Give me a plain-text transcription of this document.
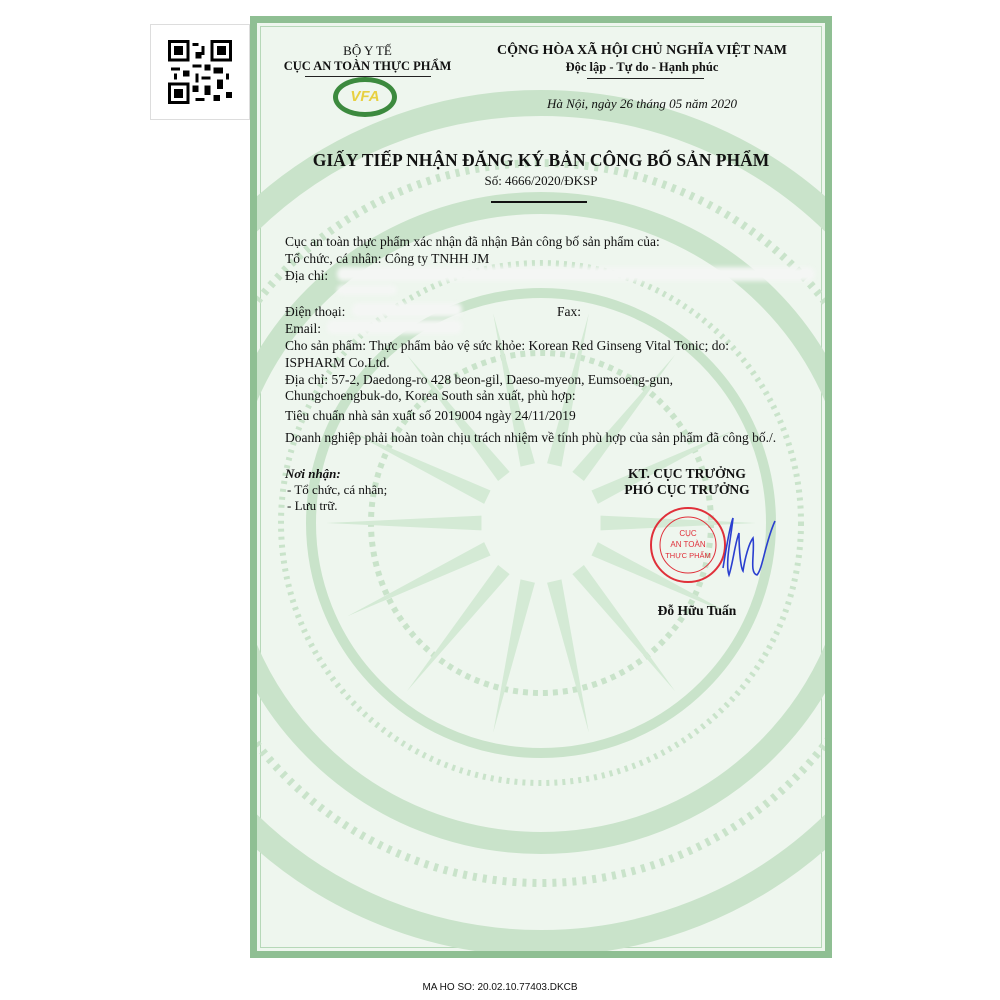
BỘ Y TẾ
CỤC AN TOÀN THỰC PHẨM
VFA
CỘNG HÒA XÃ HỘI CHỦ NGHĨA VIỆT NAM
Độc lập - Tự do - Hạnh phúc
Hà Nội, ngày 26 tháng 05 năm 2020
GIẤY TIẾP NHẬN ĐĂNG KÝ BẢN CÔNG BỐ SẢN PHẨM
Số: 4666/2020/ĐKSP
Cục an toàn thực phẩm xác nhận đã nhận Bản công bố sản phẩm của:
Tổ chức, cá nhân: Công ty TNHH JM
Địa chỉ:
Điện thoại:	Fax:
Email:
Cho sản phẩm: Thực phẩm bảo vệ sức khỏe: Korean Red Ginseng Vital Tonic; do:
ISPHARM Co.Ltd.
Địa chỉ: 57-2, Daedong-ro 428 beon-gil, Daeso-myeon, Eumsoeng-gun,
Chungchoengbuk-do, Korea South sản xuất, phù hợp:
Tiêu chuẩn nhà sản xuất số 2019004 ngày 24/11/2019
Doanh nghiệp phải hoàn toàn chịu trách nhiệm về tính phù hợp của sản phẩm đã công bố./.
Nơi nhận:
- Tổ chức, cá nhân;
- Lưu trữ.
KT. CỤC TRƯỞNG
PHÓ CỤC TRƯỞNG
CỤC
AN TOÀN
THỰC PHẨM
Đỗ Hữu Tuấn
MA HO SO: 20.02.10.77403.DKCB
